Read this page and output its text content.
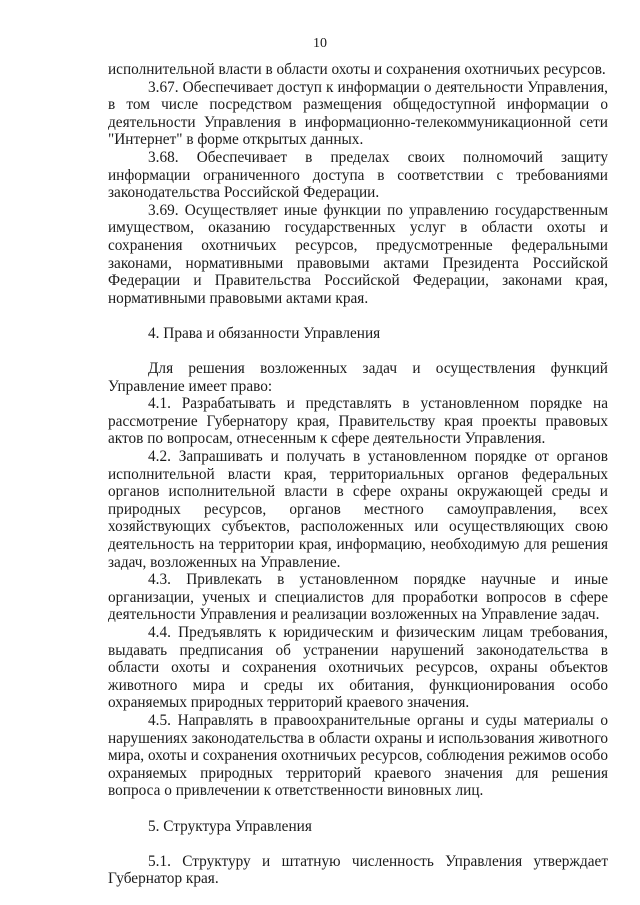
10

исполнительной власти в области охоты и сохранения охотничьих ресурсов.

3.67. Обеспечивает доступ к информации о деятельности Управления, в том числе посредством размещения общедоступной информации о деятельности Управления в информационно-телекоммуникационной сети "Интернет" в форме открытых данных.

3.68. Обеспечивает в пределах своих полномочий защиту информации ограниченного доступа в соответствии с требованиями законодательства Российской Федерации.

3.69. Осуществляет иные функции по управлению государственным имуществом, оказанию государственных услуг в области охоты и сохранения охотничьих ресурсов, предусмотренные федеральными законами, нормативными правовыми актами Президента Российской Федерации и Правительства Российской Федерации, законами края, нормативными правовыми актами края.

4. Права и обязанности Управления

Для решения возложенных задач и осуществления функций Управление имеет право:

4.1. Разрабатывать и представлять в установленном порядке на рассмотрение Губернатору края, Правительству края проекты правовых актов по вопросам, отнесенным к сфере деятельности Управления.

4.2. Запрашивать и получать в установленном порядке от органов исполнительной власти края, территориальных органов федеральных органов исполнительной власти в сфере охраны окружающей среды и природных ресурсов, органов местного самоуправления, всех хозяйствующих субъектов, расположенных или осуществляющих свою деятельность на территории края, информацию, необходимую для решения задач, возложенных на Управление.

4.3. Привлекать в установленном порядке научные и иные организации, ученых и специалистов для проработки вопросов в сфере деятельности Управления и реализации возложенных на Управление задач.

4.4. Предъявлять к юридическим и физическим лицам требования, выдавать предписания об устранении нарушений законодательства в области охоты и сохранения охотничьих ресурсов, охраны объектов животного мира и среды их обитания, функционирования особо охраняемых природных территорий краевого значения.

4.5. Направлять в правоохранительные органы и суды материалы о нарушениях законодательства в области охраны и использования животного мира, охоты и сохранения охотничьих ресурсов, соблюдения режимов особо охраняемых природных территорий краевого значения для решения вопроса о привлечении к ответственности виновных лиц.

5. Структура Управления

5.1. Структуру и штатную численность Управления утверждает Губернатор края.
